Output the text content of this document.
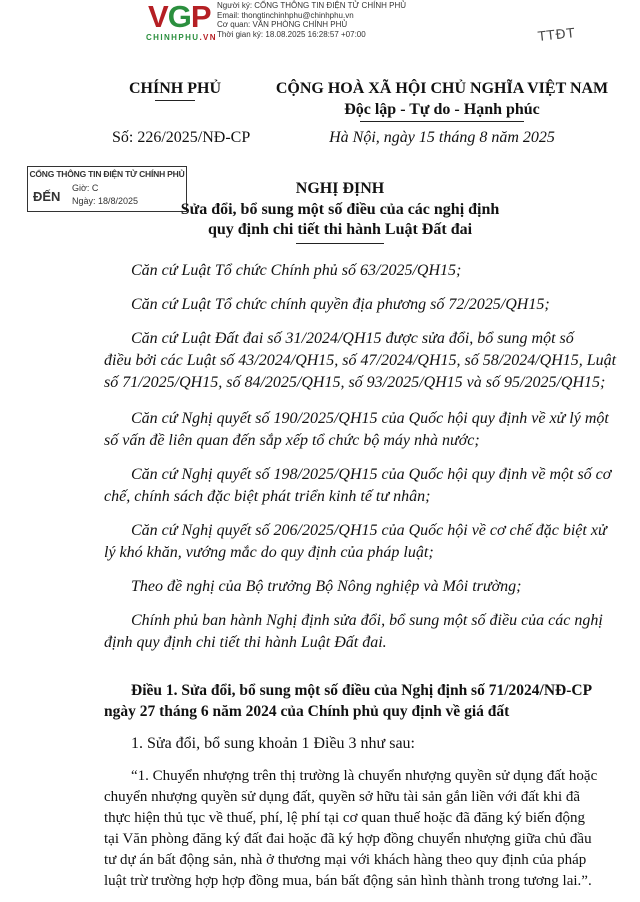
VGP
CHINHPHU.VN
Người ký: CỔNG THÔNG TIN ĐIỆN TỬ CHÍNH PHỦ
Email: thongtinchinhphu@chinhphu.vn
Cơ quan: VĂN PHÒNG CHÍNH PHỦ
Thời gian ký: 18.08.2025 16:28:57 +07:00	TTĐT
CHÍNH PHỦ	CỘNG HOÀ XÃ HỘI CHỦ NGHĨA VIỆT NAM
Độc lập - Tự do - Hạnh phúc
Số: 226/2025/NĐ-CP	Hà Nội, ngày 15 tháng 8 năm 2025
CỔNG THÔNG TIN ĐIỆN TỬ CHÍNH PHỦ
ĐẾN
Giờ: C
Ngày: 18/8/2025
NGHỊ ĐỊNH
Sửa đổi, bổ sung một số điều của các nghị định
quy định chi tiết thi hành Luật Đất đai
Căn cứ Luật Tổ chức Chính phủ số 63/2025/QH15;
Căn cứ Luật Tổ chức chính quyền địa phương số 72/2025/QH15;
Căn cứ Luật Đất đai số 31/2024/QH15 được sửa đổi, bổ sung một số
điều bởi các Luật số 43/2024/QH15, số 47/2024/QH15, số 58/2024/QH15, Luật
số 71/2025/QH15, số 84/2025/QH15, số 93/2025/QH15 và số 95/2025/QH15;
Căn cứ Nghị quyết số 190/2025/QH15 của Quốc hội quy định về xử lý một
số vấn đề liên quan đến sắp xếp tổ chức bộ máy nhà nước;
Căn cứ Nghị quyết số 198/2025/QH15 của Quốc hội quy định về một số cơ
chế, chính sách đặc biệt phát triển kinh tế tư nhân;
Căn cứ Nghị quyết số 206/2025/QH15 của Quốc hội về cơ chế đặc biệt xử
lý khó khăn, vướng mắc do quy định của pháp luật;
Theo đề nghị của Bộ trưởng Bộ Nông nghiệp và Môi trường;
Chính phủ ban hành Nghị định sửa đổi, bổ sung một số điều của các nghị
định quy định chi tiết thi hành Luật Đất đai.
Điều 1. Sửa đổi, bổ sung một số điều của Nghị định số 71/2024/NĐ-CP
ngày 27 tháng 6 năm 2024 của Chính phủ quy định về giá đất
1. Sửa đổi, bổ sung khoản 1 Điều 3 như sau:
“1. Chuyển nhượng trên thị trường là chuyển nhượng quyền sử dụng đất hoặc
chuyển nhượng quyền sử dụng đất, quyền sở hữu tài sản gắn liền với đất khi đã
thực hiện thủ tục về thuế, phí, lệ phí tại cơ quan thuế hoặc đã đăng ký biến động
tại Văn phòng đăng ký đất đai hoặc đã ký hợp đồng chuyển nhượng giữa chủ đầu
tư dự án bất động sản, nhà ở thương mại với khách hàng theo quy định của pháp
luật trừ trường hợp hợp đồng mua, bán bất động sản hình thành trong tương lai.”.
